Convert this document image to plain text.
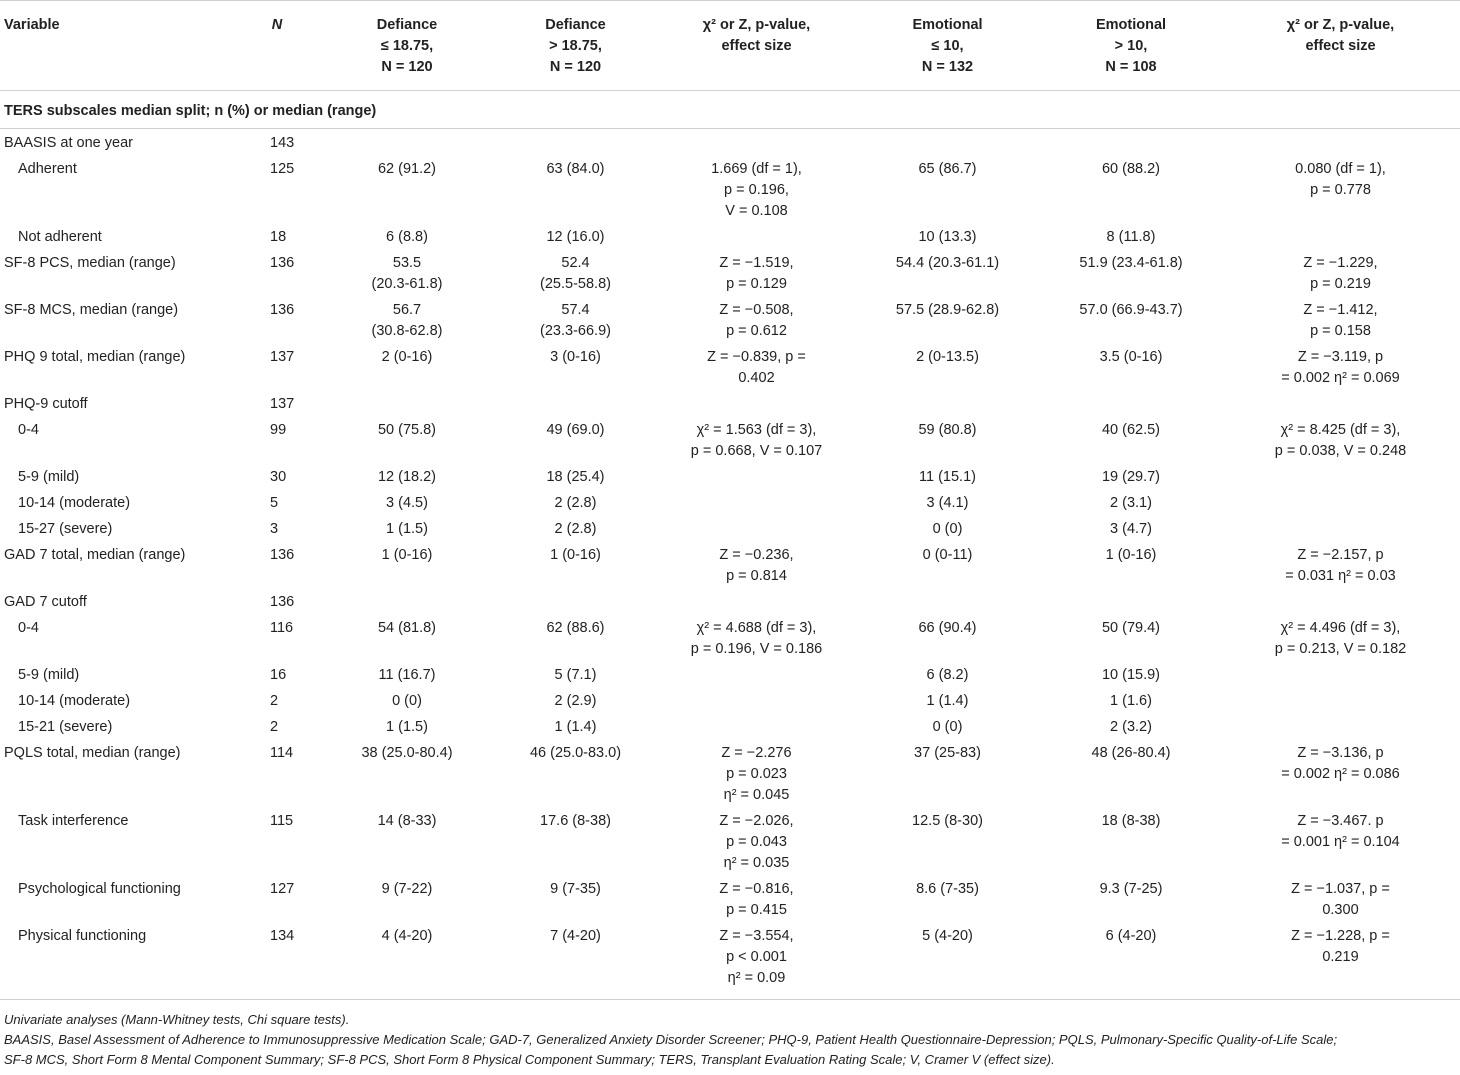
Variable	N	Defiance
≤ 18.75,
N = 120	Defiance
> 18.75,
N = 120	χ² or Z, p-value,
effect size	Emotional
≤ 10,
N = 132	Emotional
> 10,
N = 108	χ² or Z, p-value,
effect size

TERS subscales median split; n (%) or median (range)							
BAASIS at one year	143						
Adherent	125	62 (91.2)	63 (84.0)	1.669 (df = 1),
p = 0.196,
V = 0.108	65 (86.7)	60 (88.2)	0.080 (df = 1),
p = 0.778

Not adherent	18	6 (8.8)	12 (16.0)		10 (13.3)	8 (11.8)	

SF-8 PCS, median (range)	136	53.5
(20.3-61.8)	52.4
(25.5-58.8)	Z = −1.519,
p = 0.129	54.4 (20.3-61.1)	51.9 (23.4-61.8)	Z = −1.229,
p = 0.219

SF-8 MCS, median (range)	136	56.7
(30.8-62.8)	57.4
(23.3-66.9)	Z = −0.508,
p = 0.612	57.5 (28.9-62.8)	57.0 (66.9-43.7)	Z = −1.412,
p = 0.158

PHQ 9 total, median (range)	137	2 (0-16)	3 (0-16)	Z = −0.839, p =
0.402	2 (0-13.5)	3.5 (0-16)	Z = −3.119, p
= 0.002 η² = 0.069

PHQ-9 cutoff	137						
0-4	99	50 (75.8)	49 (69.0)	χ² = 1.563 (df = 3),
p = 0.668, V = 0.107	59 (80.8)	40 (62.5)	χ² = 8.425 (df = 3),
p = 0.038, V = 0.248

5-9 (mild)	30	12 (18.2)	18 (25.4)		11 (15.1)	19 (29.7)	

10-14 (moderate)	5	3 (4.5)	2 (2.8)		3 (4.1)	2 (3.1)	

15-27 (severe)	3	1 (1.5)	2 (2.8)		0 (0)	3 (4.7)	

GAD 7 total, median (range)	136	1 (0-16)	1 (0-16)	Z = −0.236,
p = 0.814	0 (0-11)	1 (0-16)	Z = −2.157, p
= 0.031 η² = 0.03

GAD 7 cutoff	136						
0-4	116	54 (81.8)	62 (88.6)	χ² = 4.688 (df = 3),
p = 0.196, V = 0.186	66 (90.4)	50 (79.4)	χ² = 4.496 (df = 3),
p = 0.213, V = 0.182

5-9 (mild)	16	11 (16.7)	5 (7.1)		6 (8.2)	10 (15.9)	

10-14 (moderate)	2	0 (0)	2 (2.9)		1 (1.4)	1 (1.6)	

15-21 (severe)	2	1 (1.5)	1 (1.4)		0 (0)	2 (3.2)	

PQLS total, median (range)	114	38 (25.0-80.4)	46 (25.0-83.0)	Z = −2.276
p = 0.023
η² = 0.045	37 (25-83)	48 (26-80.4)	Z = −3.136, p
= 0.002 η² = 0.086

Task interference	115	14 (8-33)	17.6 (8-38)	Z = −2.026,
p = 0.043
η² = 0.035	12.5 (8-30)	18 (8-38)	Z = −3.467. p
= 0.001 η² = 0.104

Psychological functioning	127	9 (7-22)	9 (7-35)	Z = −0.816,
p = 0.415	8.6 (7-35)	9.3 (7-25)	Z = −1.037, p =
0.300

Physical functioning	134	4 (4-20)	7 (4-20)	Z = −3.554,
p < 0.001
η² = 0.09	5 (4-20)	6 (4-20)	Z = −1.228, p =
0.219

Univariate analyses (Mann-Whitney tests, Chi square tests).

BAASIS, Basel Assessment of Adherence to Immunosuppressive Medication Scale; GAD-7, Generalized Anxiety Disorder Screener; PHQ-9, Patient Health Questionnaire-Depression; PQLS, Pulmonary-Specific Quality-of-Life Scale;

SF-8 MCS, Short Form 8 Mental Component Summary; SF-8 PCS, Short Form 8 Physical Component Summary; TERS, Transplant Evaluation Rating Scale; V, Cramer V (effect size).
